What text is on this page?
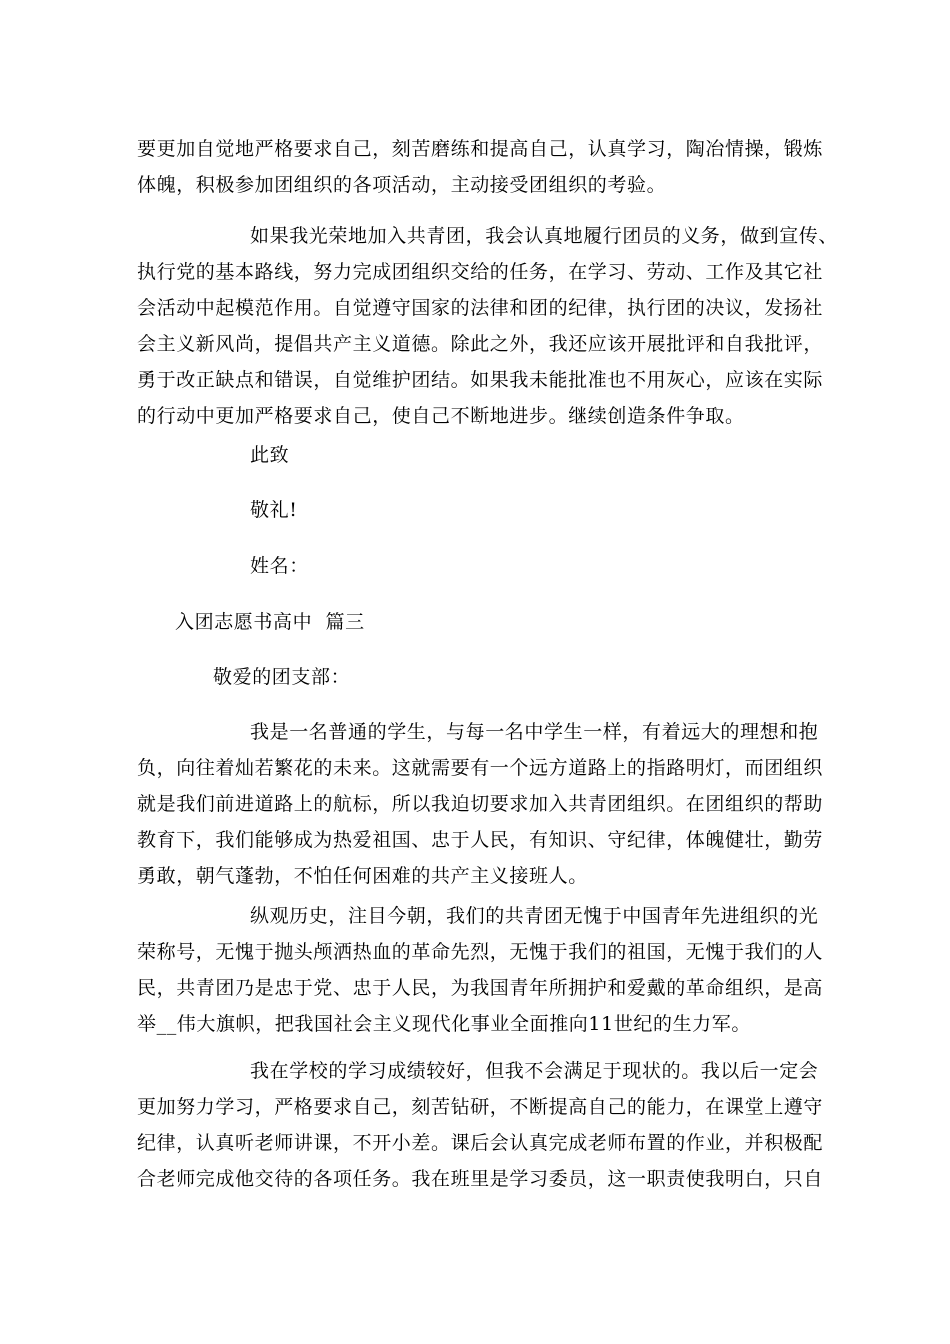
要更加自觉地严格要求自己，刻苦磨练和提高自己，认真学习，陶冶情操，锻炼
体魄，积极参加团组织的各项活动，主动接受团组织的考验。
如果我光荣地加入共青团，我会认真地履行团员的义务，做到宣传、
执行党的基本路线，努力完成团组织交给的任务，在学习、劳动、工作及其它社
会活动中起模范作用。自觉遵守国家的法律和团的纪律，执行团的决议，发扬社
会主义新风尚，提倡共产主义道德。除此之外，我还应该开展批评和自我批评，
勇于改正缺点和错误，自觉维护团结。如果我未能批准也不用灰心，应该在实际
的行动中更加严格要求自己，使自己不断地进步。继续创造条件争取。
此致
敬礼!
姓名：
入团志愿书高中  篇三
敬爱的团支部：
我是一名普通的学生，与每一名中学生一样，有着远大的理想和抱
负，向往着灿若繁花的未来。这就需要有一个远方道路上的指路明灯，而团组织
就是我们前进道路上的航标，所以我迫切要求加入共青团组织。在团组织的帮助
教育下，我们能够成为热爱祖国、忠于人民，有知识、守纪律，体魄健壮，勤劳
勇敢，朝气蓬勃，不怕任何困难的共产主义接班人。
纵观历史，注目今朝，我们的共青团无愧于中国青年先进组织的光
荣称号，无愧于抛头颅洒热血的革命先烈，无愧于我们的祖国，无愧于我们的人
民，共青团乃是忠于党、忠于人民，为我国青年所拥护和爱戴的革命组织，是高
举__伟大旗帜，把我国社会主义现代化事业全面推向11世纪的生力军。
我在学校的学习成绩较好，但我不会满足于现状的。我以后一定会
更加努力学习，严格要求自己，刻苦钻研，不断提高自己的能力，在课堂上遵守
纪律，认真听老师讲课，不开小差。课后会认真完成老师布置的作业，并积极配
合老师完成他交待的各项任务。我在班里是学习委员，这一职责使我明白，只自
